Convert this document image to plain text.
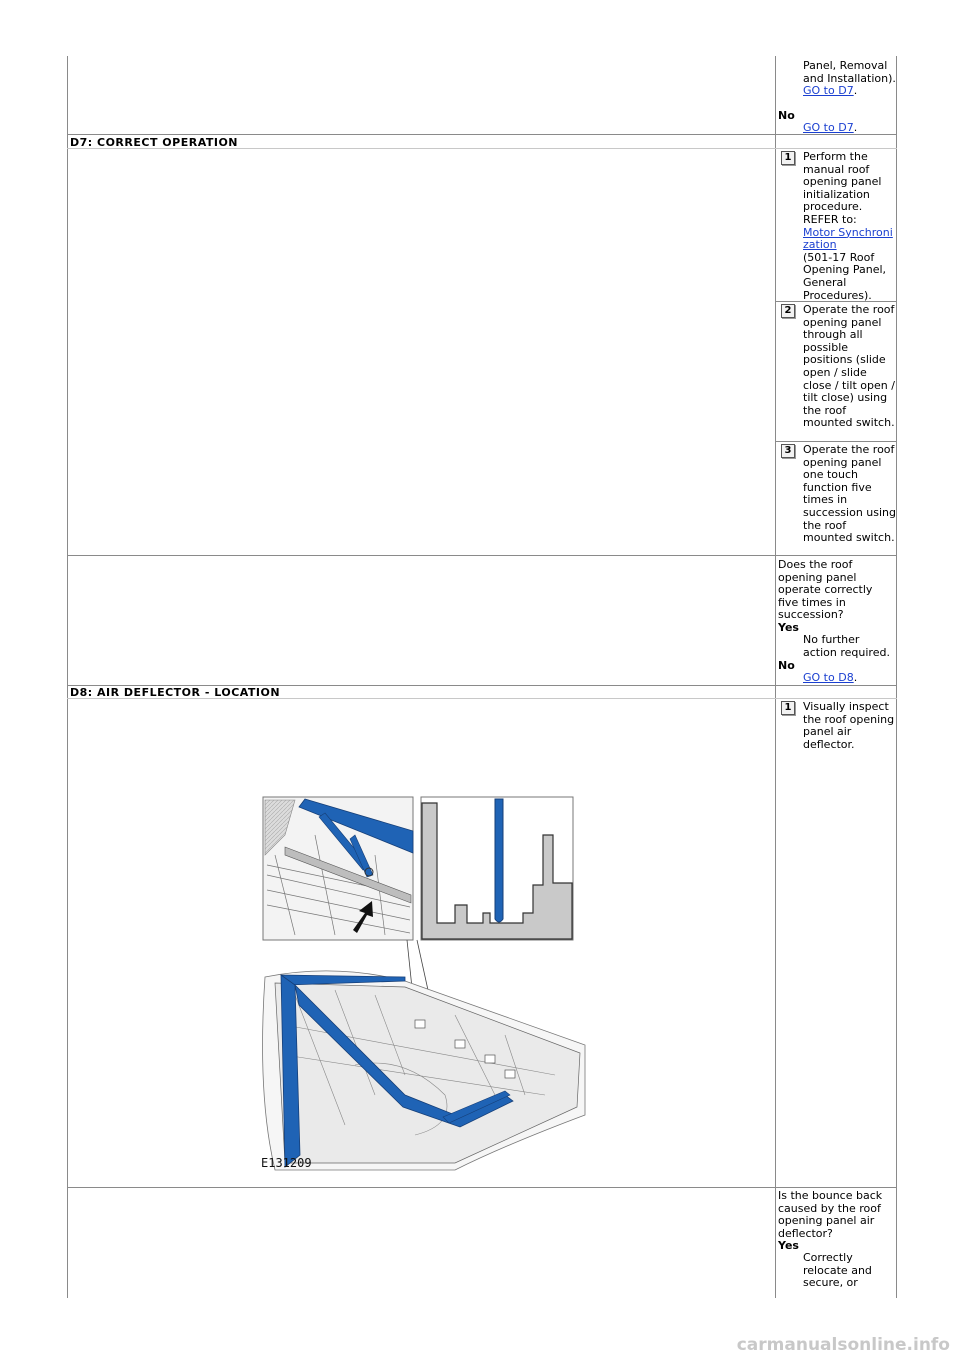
Panel, Removal and Installation).
GO to D7.
No
GO to D7.
D7: CORRECT OPERATION
1	Perform the manual roof opening panel initialization procedure. REFER to:
Motor Synchronization
(501-17 Roof Opening Panel, General Procedures).
2	Operate the roof opening panel through all possible positions (slide open / slide close / tilt open / tilt close) using the roof mounted switch.
3	Operate the roof opening panel one touch function five times in succession using the roof mounted switch.
Does the roof opening panel operate correctly five times in succession?
Yes
No further action required.
No
GO to D8.
D8: AIR DEFLECTOR - LOCATION
1	Visually inspect the roof opening panel air deflector.
E131209
Is the bounce back caused by the roof opening panel air deflector?
Yes
Correctly relocate and secure, or
carmanualsonline.info
